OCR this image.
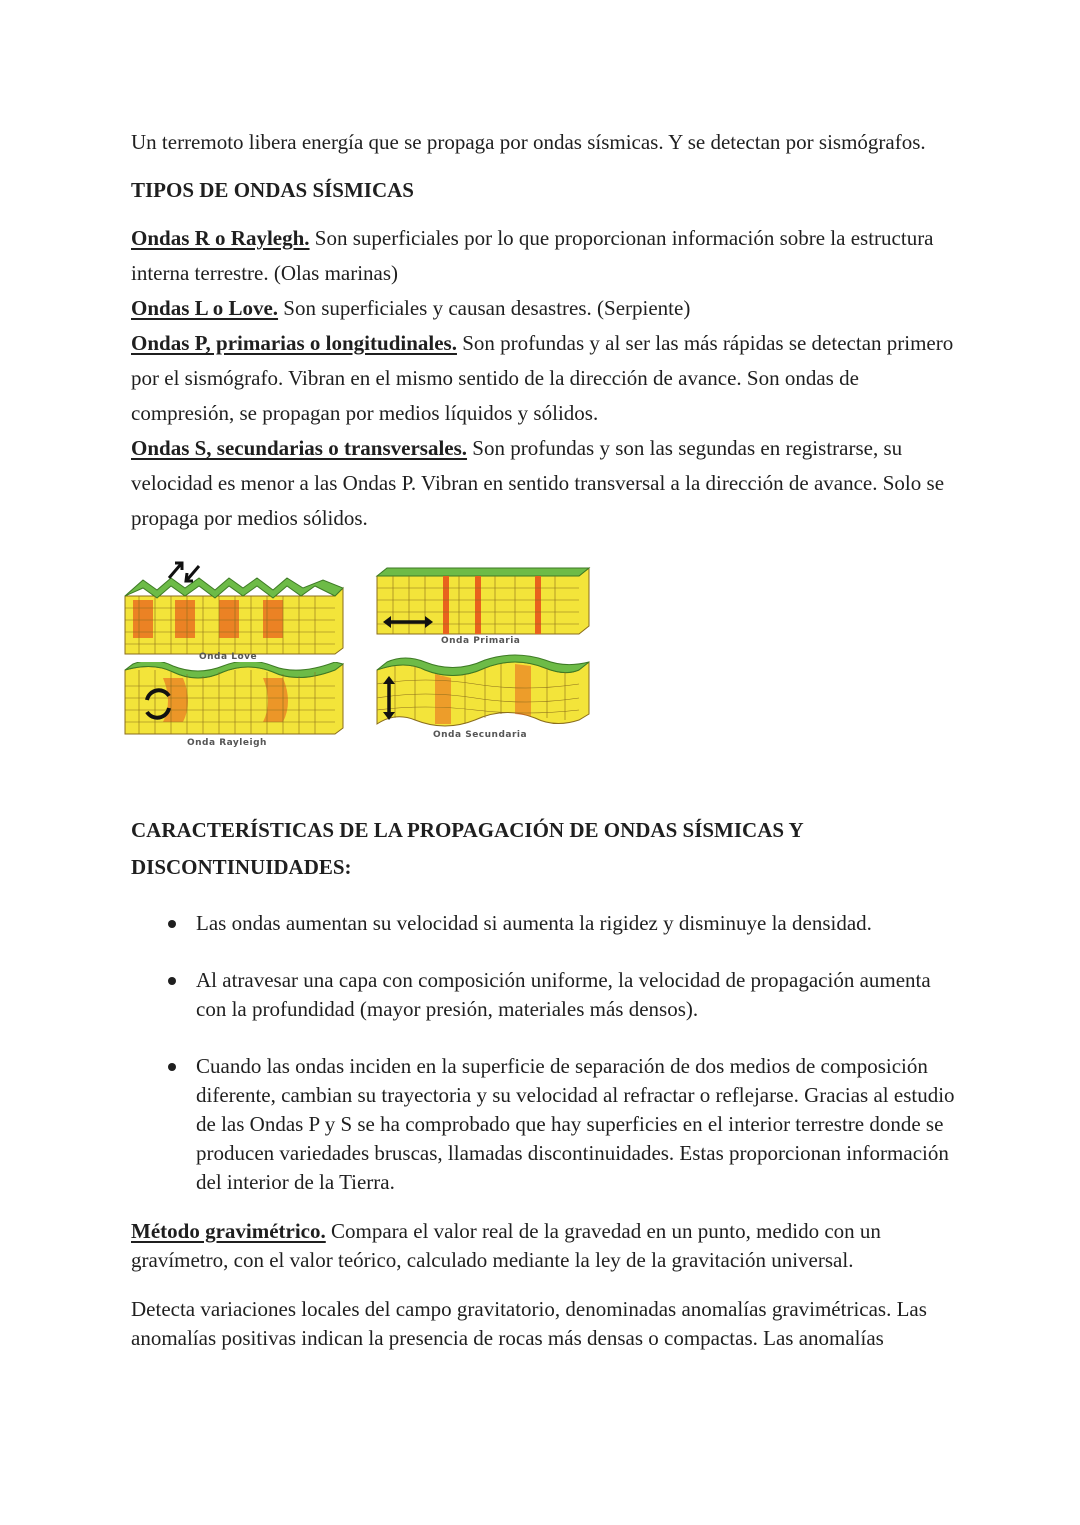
Un terremoto libera energía que se propaga por ondas sísmicas. Y se detectan por sismógrafos.

TIPOS DE ONDAS SÍSMICAS

Ondas R o Raylegh. Son superficiales por lo que proporcionan información sobre la estructura interna terrestre. (Olas marinas)

Ondas L o Love. Son superficiales y causan desastres. (Serpiente)

Ondas P, primarias o longitudinales. Son profundas y al ser las más rápidas se detectan primero por el sismógrafo. Vibran en el mismo sentido de la dirección de avance. Son ondas de compresión, se propagan por medios líquidos y sólidos.

Ondas S, secundarias o transversales. Son profundas y son las segundas en registrarse, su velocidad es menor a las Ondas P. Vibran en sentido transversal a la dirección de avance. Solo se propaga por medios sólidos.

Onda Love
Onda Rayleigh
Onda Primaria
Onda Secundaria
CARACTERÍSTICAS DE LA PROPAGACIÓN DE ONDAS SÍSMICAS Y DISCONTINUIDADES:
Las ondas aumentan su velocidad si aumenta la rigidez y disminuye la densidad.
Al atravesar una capa con composición uniforme, la velocidad de propagación aumenta con la profundidad (mayor presión, materiales más densos).
Cuando las ondas inciden en la superficie de separación de dos medios de composición diferente, cambian su trayectoria y su velocidad al refractar o reflejarse. Gracias al estudio de las Ondas P y S se ha comprobado que hay superficies en el interior terrestre donde se producen variedades bruscas, llamadas discontinuidades. Estas proporcionan información del interior de la Tierra.

Método gravimétrico. Compara el valor real de la gravedad en un punto, medido con un gravímetro, con el valor teórico, calculado mediante la ley de la gravitación universal.

Detecta variaciones locales del campo gravitatorio, denominadas anomalías gravimétricas. Las anomalías positivas indican la presencia de rocas más densas o compactas. Las anomalías
